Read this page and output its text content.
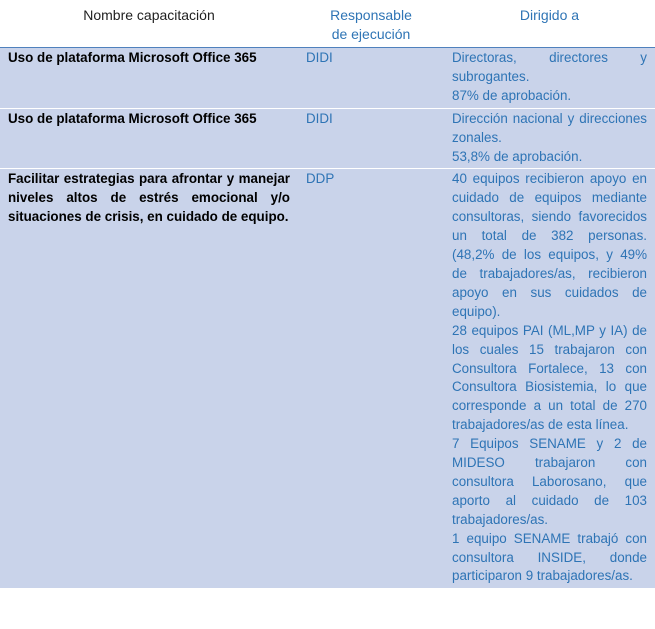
Nombre capacitación	Responsable de ejecución	Dirigido a
Uso de plataforma Microsoft Office 365	DIDI	Directoras, directores y subrogantes.
87% de aprobación.

Uso de plataforma Microsoft Office 365	DIDI	Dirección nacional y direcciones zonales.
53,8% de aprobación.

Facilitar estrategias para afrontar y manejar niveles altos de estrés emocional y/o situaciones de crisis, en cuidado de equipo.	DDP	40 equipos recibieron apoyo en cuidado de equipos mediante consultoras, siendo favorecidos un total de 382 personas. (48,2% de los equipos, y 49% de trabajadores/as, recibieron apoyo en sus cuidados de equipo).
28 equipos PAI (ML,MP y IA) de los cuales 15 trabajaron con Consultora Fortalece, 13 con Consultora Biosistemia, lo que corresponde a un total de 270 trabajadores/as de esta línea.
7 Equipos SENAME y 2 de MIDESO trabajaron con consultora Laborosano, que aporto al cuidado de 103 trabajadores/as.
1 equipo SENAME trabajó con consultora INSIDE, donde participaron 9 trabajadores/as.
